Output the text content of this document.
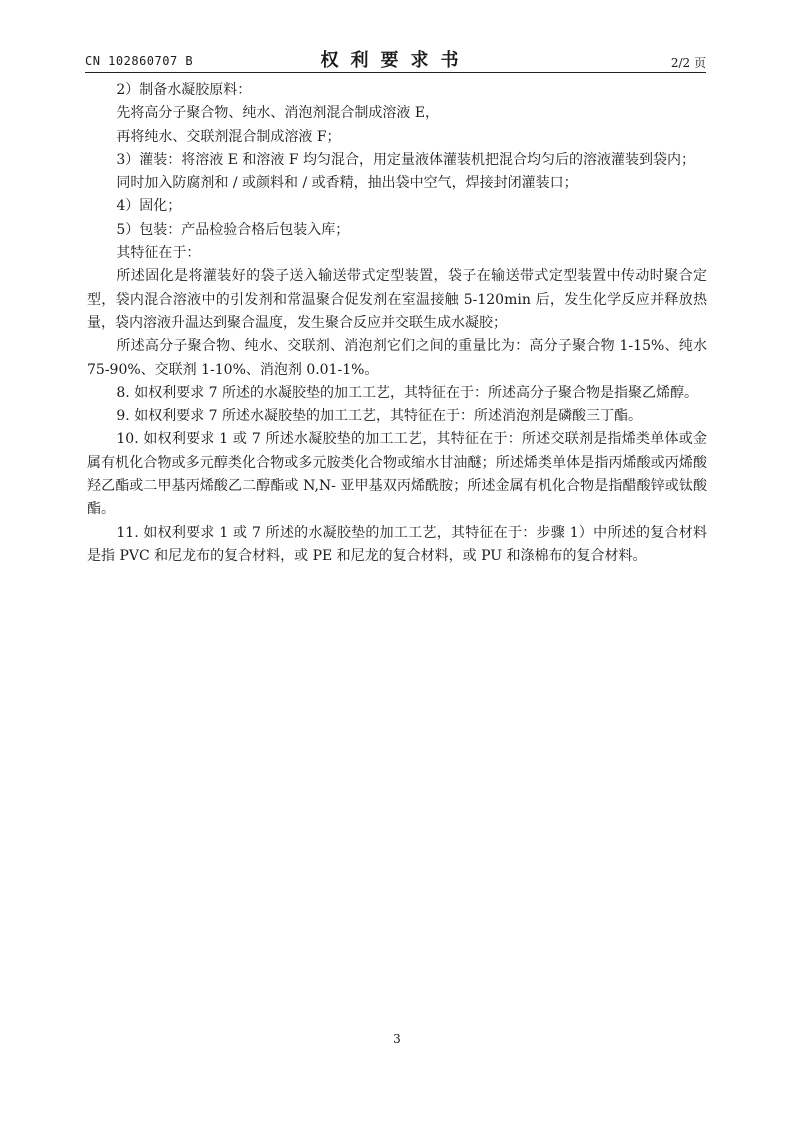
CN 102860707 B	权利要求书	2/2 页

2）制备水凝胶原料：

先将高分子聚合物、纯水、消泡剂混合制成溶液 E，

再将纯水、交联剂混合制成溶液 F；

3）灌装：将溶液 E 和溶液 F 均匀混合，用定量液体灌装机把混合均匀后的溶液灌装到袋内；

同时加入防腐剂和 / 或颜料和 / 或香精，抽出袋中空气，焊接封闭灌装口；

4）固化；

5）包装：产品检验合格后包装入库；

其特征在于：

所述固化是将灌装好的袋子送入输送带式定型装置，袋子在输送带式定型装置中传动时聚合定型，袋内混合溶液中的引发剂和常温聚合促发剂在室温接触 5-120min 后，发生化学反应并释放热量，袋内溶液升温达到聚合温度，发生聚合反应并交联生成水凝胶；

所述高分子聚合物、纯水、交联剂、消泡剂它们之间的重量比为：高分子聚合物 1-15%、纯水 75-90%、交联剂 1-10%、消泡剂 0.01-1%。

8. 如权利要求 7 所述的水凝胶垫的加工工艺，其特征在于：所述高分子聚合物是指聚乙烯醇。

9. 如权利要求 7 所述水凝胶垫的加工工艺，其特征在于：所述消泡剂是磷酸三丁酯。

10. 如权利要求 1 或 7 所述水凝胶垫的加工工艺，其特征在于：所述交联剂是指烯类单体或金属有机化合物或多元醇类化合物或多元胺类化合物或缩水甘油醚；所述烯类单体是指丙烯酸或丙烯酸羟乙酯或二甲基丙烯酸乙二醇酯或 N,N- 亚甲基双丙烯酰胺；所述金属有机化合物是指醋酸锌或钛酸酯。

11. 如权利要求 1 或 7 所述的水凝胶垫的加工工艺，其特征在于：步骤 1）中所述的复合材料是指 PVC 和尼龙布的复合材料，或 PE 和尼龙的复合材料，或 PU 和涤棉布的复合材料。

3
